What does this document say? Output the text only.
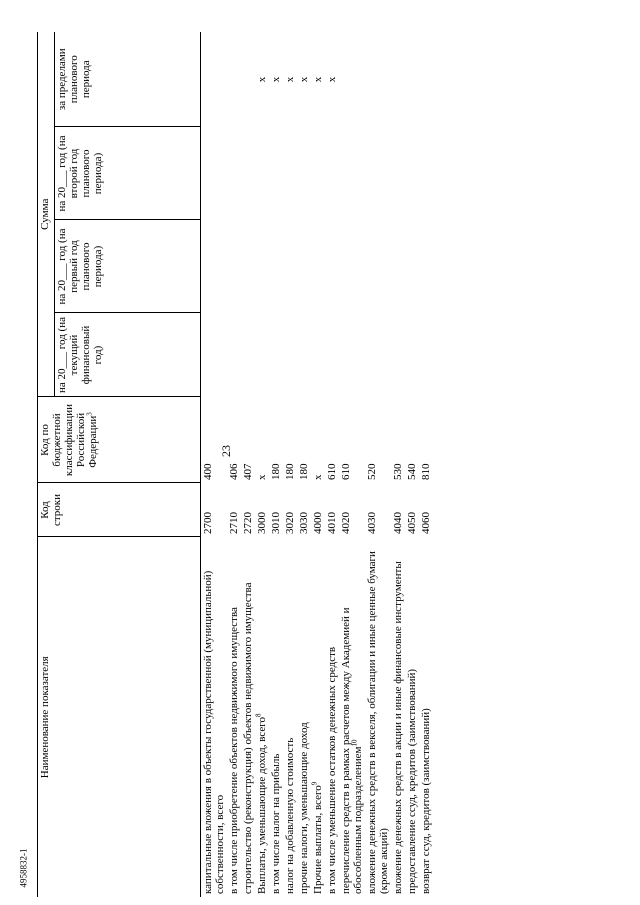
23
Наименование показателя	Код строки	Код по бюджетной классификации Российской Федерации$^3$	Сумма			
			на 20___ год (на текущий финансовый год)	на 20___ год (на первый год планового периода)	на 20___ год (на второй год планового периода)	за пределами планового периода
капитальные вложения в объекты государственной (муниципальной) собственности, всего	2700	400				
в том числе приобретение объектов недвижимого имущества	2710	406				
строительство (реконструкция) объектов недвижимого имущества	2720	407				
Выплаты, уменьшающие доход, всего$^8$	3000	х				х
в том числе налог на прибыль	3010	180				х
налог на добавленную стоимость	3020	180				х
прочие налоги, уменьшающие доход	3030	180				х
Прочие выплаты, всего$^9$	4000	х				х
в том числе уменьшение остатков денежных средств	4010	610				х
перечисление средств в рамках расчетов между Академией и обособленным подразделением$^{10}$	4020	610				
вложение денежных средств в векселя, облигации и иные ценные бумаги (кроме акций)	4030	520				
вложение денежных средств в акции и иные финансовые инструменты	4040	530				
предоставление ссуд, кредитов (заимствований)	4050	540				
возврат ссуд, кредитов (заимствований)	4060	810				
4958832-1
